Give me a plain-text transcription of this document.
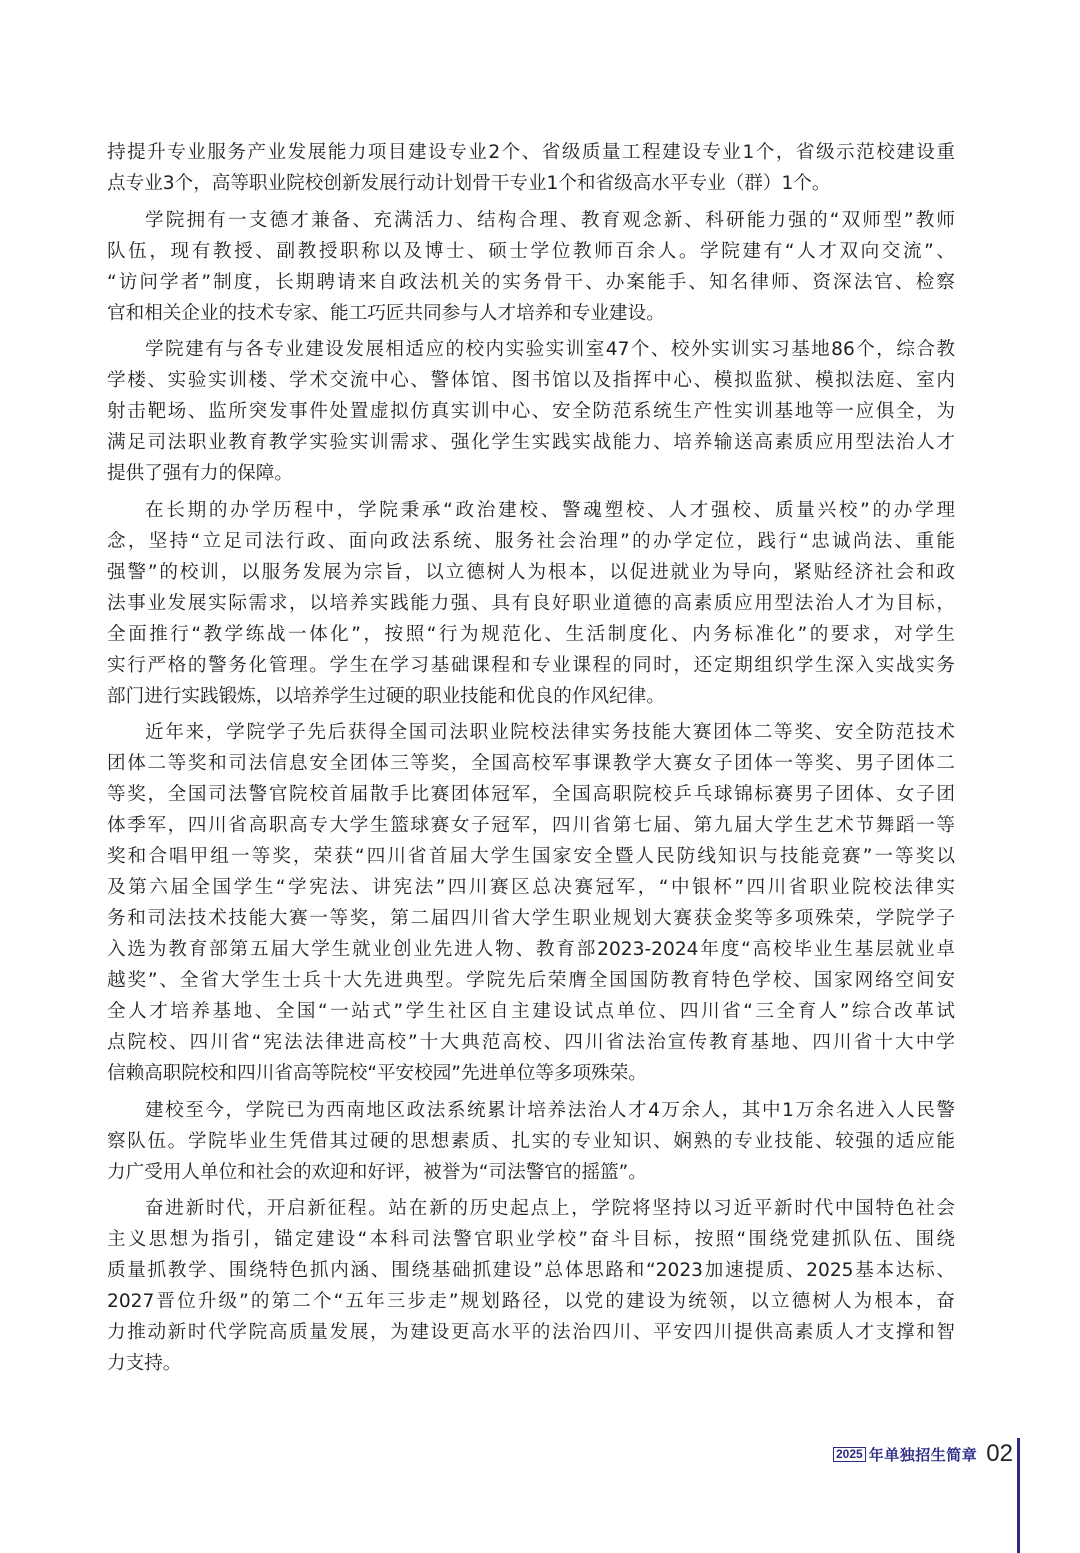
持提升专业服务产业发展能力项目建设专业2个、省级质量工程建设专业1个，省级示范校建设重
点专业3个，高等职业院校创新发展行动计划骨干专业1个和省级高水平专业（群）1个。
学院拥有一支德才兼备、充满活力、结构合理、教育观念新、科研能力强的“双师型”教师
队伍，现有教授、副教授职称以及博士、硕士学位教师百余人。学院建有“人才双向交流”、
“访问学者”制度，长期聘请来自政法机关的实务骨干、办案能手、知名律师、资深法官、检察
官和相关企业的技术专家、能工巧匠共同参与人才培养和专业建设。
学院建有与各专业建设发展相适应的校内实验实训室47个、校外实训实习基地86个，综合教
学楼、实验实训楼、学术交流中心、警体馆、图书馆以及指挥中心、模拟监狱、模拟法庭、室内
射击靶场、监所突发事件处置虚拟仿真实训中心、安全防范系统生产性实训基地等一应俱全，为
满足司法职业教育教学实验实训需求、强化学生实践实战能力、培养输送高素质应用型法治人才
提供了强有力的保障。
在长期的办学历程中，学院秉承“政治建校、警魂塑校、人才强校、质量兴校”的办学理
念，坚持“立足司法行政、面向政法系统、服务社会治理”的办学定位，践行“忠诚尚法、重能
强警”的校训，以服务发展为宗旨，以立德树人为根本，以促进就业为导向，紧贴经济社会和政
法事业发展实际需求，以培养实践能力强、具有良好职业道德的高素质应用型法治人才为目标，
全面推行“教学练战一体化”，按照“行为规范化、生活制度化、内务标准化”的要求，对学生
实行严格的警务化管理。学生在学习基础课程和专业课程的同时，还定期组织学生深入实战实务
部门进行实践锻炼，以培养学生过硬的职业技能和优良的作风纪律。
近年来，学院学子先后获得全国司法职业院校法律实务技能大赛团体二等奖、安全防范技术
团体二等奖和司法信息安全团体三等奖，全国高校军事课教学大赛女子团体一等奖、男子团体二
等奖，全国司法警官院校首届散手比赛团体冠军，全国高职院校乒乓球锦标赛男子团体、女子团
体季军，四川省高职高专大学生篮球赛女子冠军，四川省第七届、第九届大学生艺术节舞蹈一等
奖和合唱甲组一等奖，荣获“四川省首届大学生国家安全暨人民防线知识与技能竞赛”一等奖以
及第六届全国学生“学宪法、讲宪法”四川赛区总决赛冠军，“中银杯”四川省职业院校法律实
务和司法技术技能大赛一等奖，第二届四川省大学生职业规划大赛获金奖等多项殊荣，学院学子
入选为教育部第五届大学生就业创业先进人物、教育部2023-2024年度“高校毕业生基层就业卓
越奖”、全省大学生士兵十大先进典型。学院先后荣膺全国国防教育特色学校、国家网络空间安
全人才培养基地、全国“一站式”学生社区自主建设试点单位、四川省“三全育人”综合改革试
点院校、四川省“宪法法律进高校”十大典范高校、四川省法治宣传教育基地、四川省十大中学
信赖高职院校和四川省高等院校“平安校园”先进单位等多项殊荣。
建校至今，学院已为西南地区政法系统累计培养法治人才4万余人，其中1万余名进入人民警
察队伍。学院毕业生凭借其过硬的思想素质、扎实的专业知识、娴熟的专业技能、较强的适应能
力广受用人单位和社会的欢迎和好评，被誉为“司法警官的摇篮”。
奋进新时代，开启新征程。站在新的历史起点上，学院将坚持以习近平新时代中国特色社会
主义思想为指引，锚定建设“本科司法警官职业学校”奋斗目标，按照“围绕党建抓队伍、围绕
质量抓教学、围绕特色抓内涵、围绕基础抓建设”总体思路和“2023加速提质、2025基本达标、
2027晋位升级”的第二个“五年三步走”规划路径，以党的建设为统领，以立德树人为根本，奋
力推动新时代学院高质量发展，为建设更高水平的法治四川、平安四川提供高素质人才支撑和智
力支持。
2025 年单独招生简章 02
